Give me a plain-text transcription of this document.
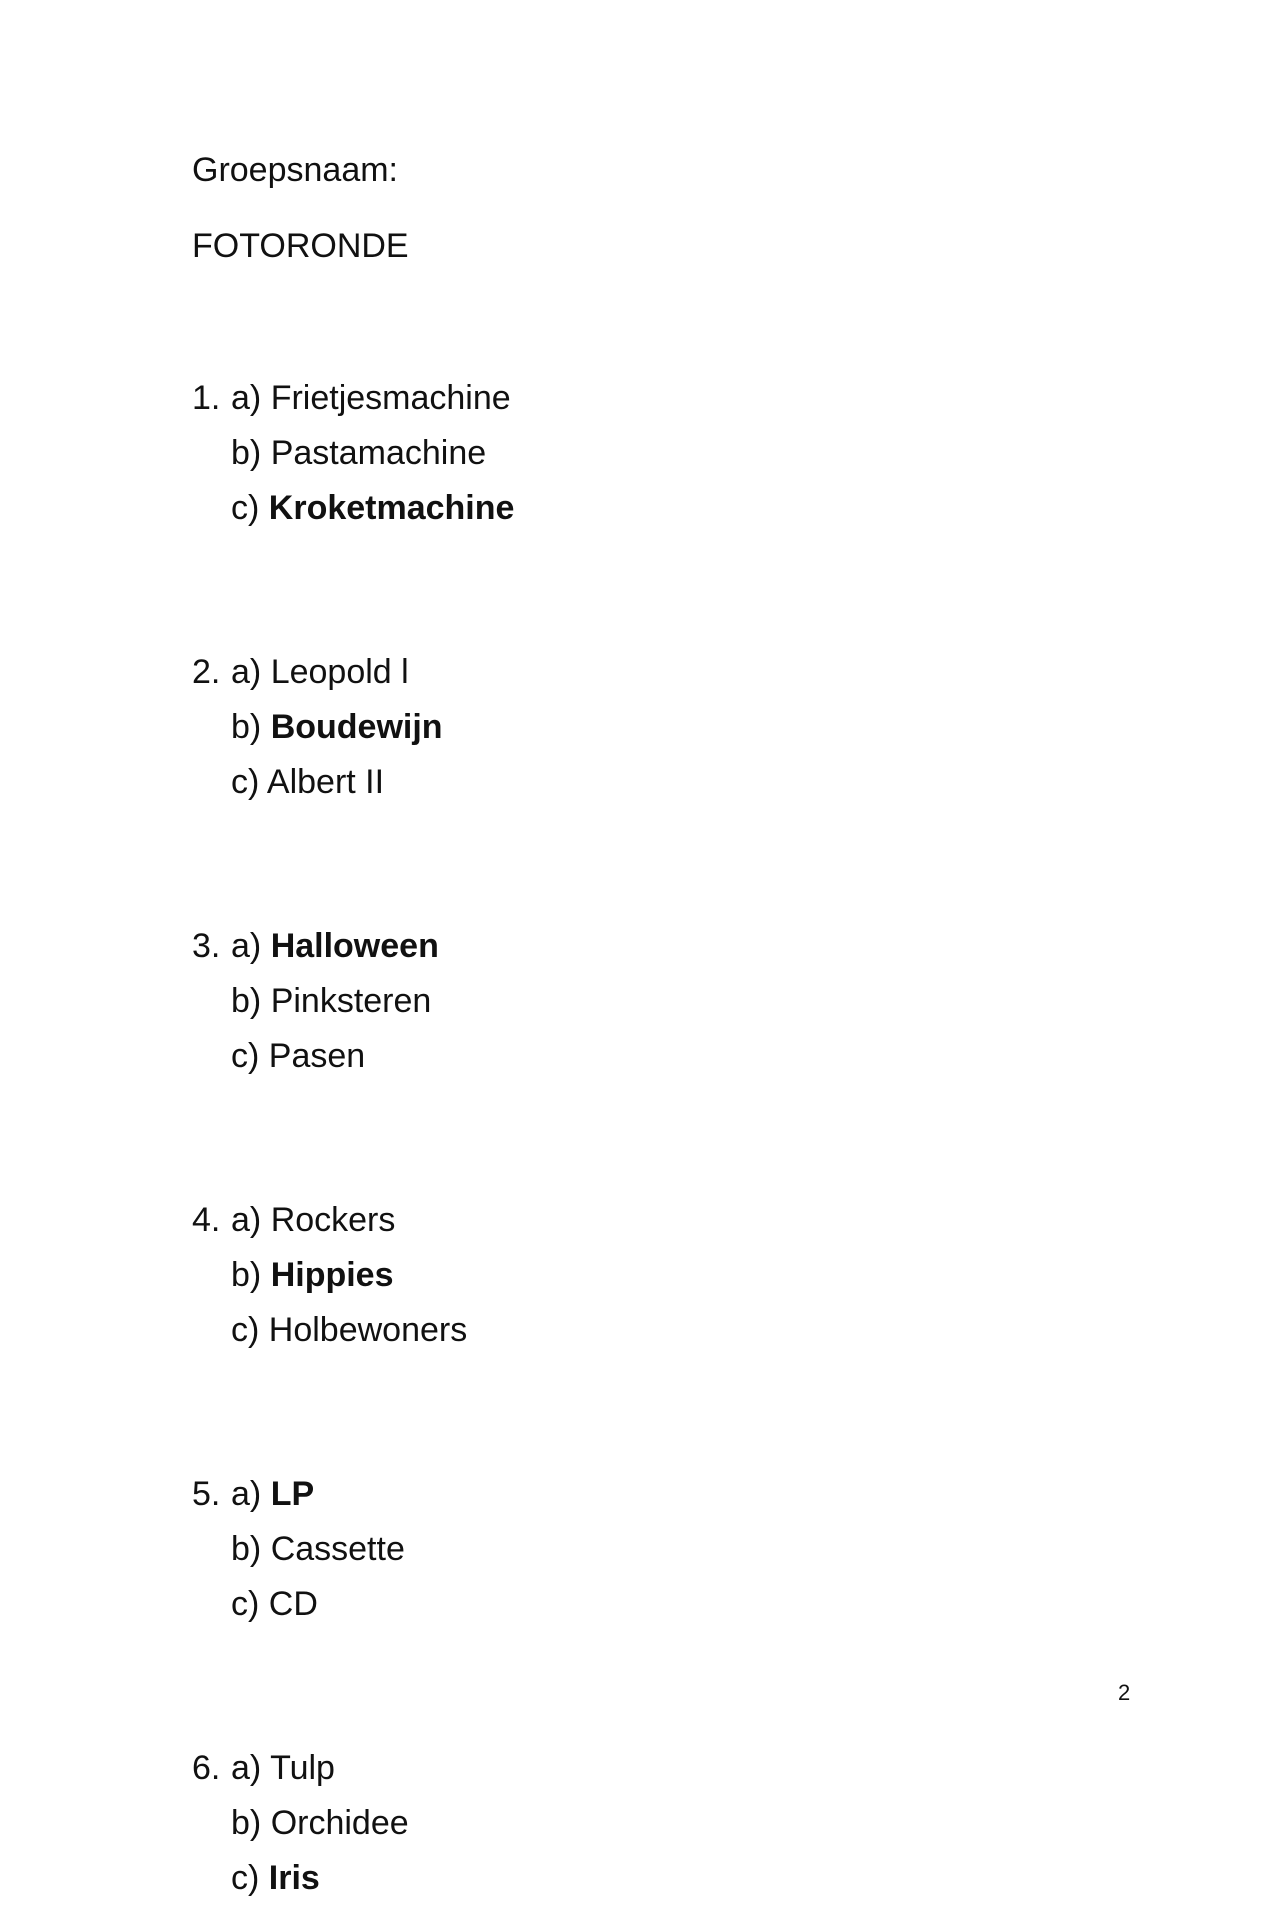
Groepsnaam:
FOTORONDE
1. a) Frietjesmachine
b) Pastamachine
c) Kroketmachine
2. a) Leopold l
b) Boudewijn
c) Albert II
3. a) Halloween
b) Pinksteren
c) Pasen
4. a) Rockers
b) Hippies
c) Holbewoners
5. a) LP
b) Cassette
c) CD
6. a) Tulp
b) Orchidee
c) Iris
2
